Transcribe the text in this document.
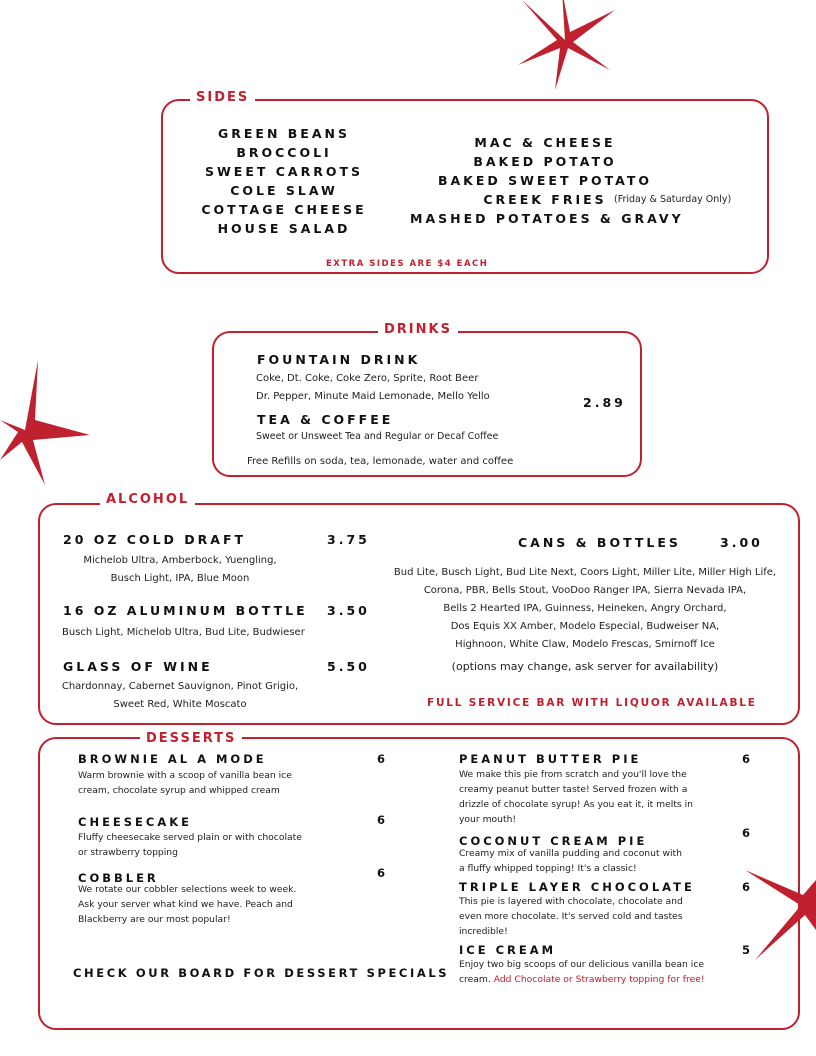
SIDES
GREEN BEANS
BROCCOLI
SWEET CARROTS
COLE SLAW
COTTAGE CHEESE
HOUSE SALAD
MAC & CHEESE
BAKED POTATO
BAKED SWEET POTATO
CREEK FRIES
MASHED POTATOES & GRAVY
(Friday & Saturday Only)
EXTRA SIDES ARE $4 EACH
DRINKS
FOUNTAIN DRINK
Coke, Dt. Coke, Coke Zero, Sprite, Root Beer
Dr. Pepper, Minute Maid Lemonade, Mello Yello	2.89
TEA & COFFEE
Sweet or Unsweet Tea and Regular or Decaf Coffee
Free Refills on soda, tea, lemonade, water and coffee
ALCOHOL
20 OZ COLD DRAFT	3.75
Michelob Ultra, Amberbock, Yuengling,
Busch Light, IPA, Blue Moon
16 OZ ALUMINUM BOTTLE 3.50
Busch Light, Michelob Ultra, Bud Lite, Budwieser
GLASS OF WINE	5.50
Chardonnay, Cabernet Sauvignon, Pinot Grigio,
Sweet Red, White Moscato
CANS & BOTTLES	3.00
Bud Lite, Busch Light, Bud Lite Next, Coors Light, Miller Lite, Miller High Life,
Corona, PBR, Bells Stout, VooDoo Ranger IPA, Sierra Nevada IPA,
Bells 2 Hearted IPA, Guinness, Heineken, Angry Orchard,
Dos Equis XX Amber, Modelo Especial, Budweiser NA,
Highnoon, White Claw, Modelo Frescas, Smirnoff Ice
(options may change, ask server for availability)
FULL SERVICE BAR WITH LIQUOR AVAILABLE
DESSERTS
BROWNIE AL A MODE	6
Warm brownie with a scoop of vanilla bean ice
cream, chocolate syrup and whipped cream
CHEESECAKE	6
Fluffy cheesecake served plain or with chocolate
or strawberry topping
COBBLER	6
We rotate our cobbler selections week to week.
Ask your server what kind we have. Peach and
Blackberry are our most popular!
CHECK OUR BOARD FOR DESSERT SPECIALS
PEANUT BUTTER PIE	6
We make this pie from scratch and you'll love the
creamy peanut butter taste! Served frozen with a
drizzle of chocolate syrup! As you eat it, it melts in
your mouth!
COCONUT CREAM PIE
6
Creamy mix of vanilla pudding and coconut with
a fluffy whipped topping! It's a classic!
TRIPLE LAYER CHOCOLATE	6
This pie is layered with chocolate, chocolate and
even more chocolate. It's served cold and tastes
incredible!
ICE CREAM	5
Enjoy two big scoops of our delicious vanilla bean ice
cream. Add Chocolate or Strawberry topping for free!
